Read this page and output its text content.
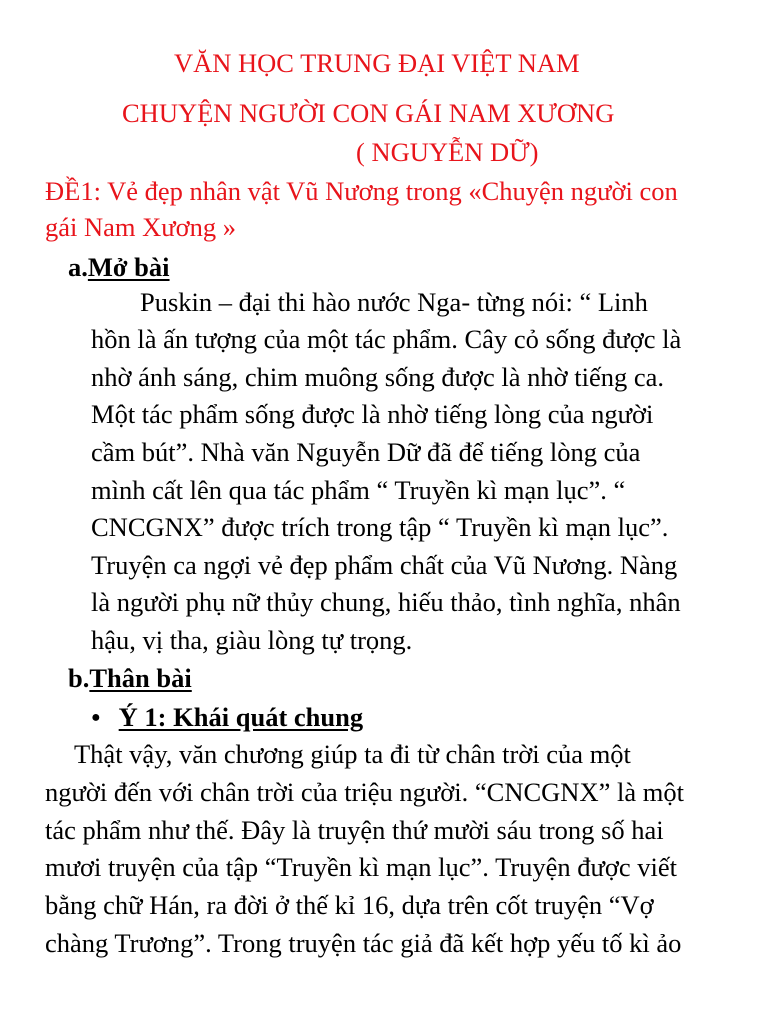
VĂN HỌC TRUNG ĐẠI VIỆT NAM
CHUYỆN NGƯỜI CON GÁI NAM XƯƠNG
( NGUYỄN DỮ)
ĐỀ1: Vẻ đẹp nhân vật Vũ Nương trong «Chuyện người con
gái Nam Xương »
a.Mở bài
Puskin – đại thi hào nước Nga- từng nói: “ Linh
hồn là ấn tượng của một tác phẩm. Cây cỏ sống được là
nhờ ánh sáng, chim muông sống được là nhờ tiếng ca.
Một tác phẩm sống được là nhờ tiếng lòng của người
cầm bút”. Nhà văn Nguyễn Dữ đã để tiếng lòng của
mình cất lên qua tác phẩm “ Truyền kì mạn lục”. “
CNCGNX” được trích trong tập “ Truyền kì mạn lục”.
Truyện ca ngợi vẻ đẹp phẩm chất của Vũ Nương. Nàng
là người phụ nữ thủy chung, hiếu thảo, tình nghĩa, nhân
hậu, vị tha, giàu lòng tự trọng.
b.Thân bài
● Ý 1: Khái quát chung
Thật vậy, văn chương giúp ta đi từ chân trời của một
người đến với chân trời của triệu người. “CNCGNX” là một
tác phẩm như thế. Đây là truyện thứ mười sáu trong số hai
mươi truyện của tập “Truyền kì mạn lục”. Truyện được viết
bằng chữ Hán, ra đời ở thế kỉ 16, dựa trên cốt truyện “Vợ
chàng Trương”. Trong truyện tác giả đã kết hợp yếu tố kì ảo
